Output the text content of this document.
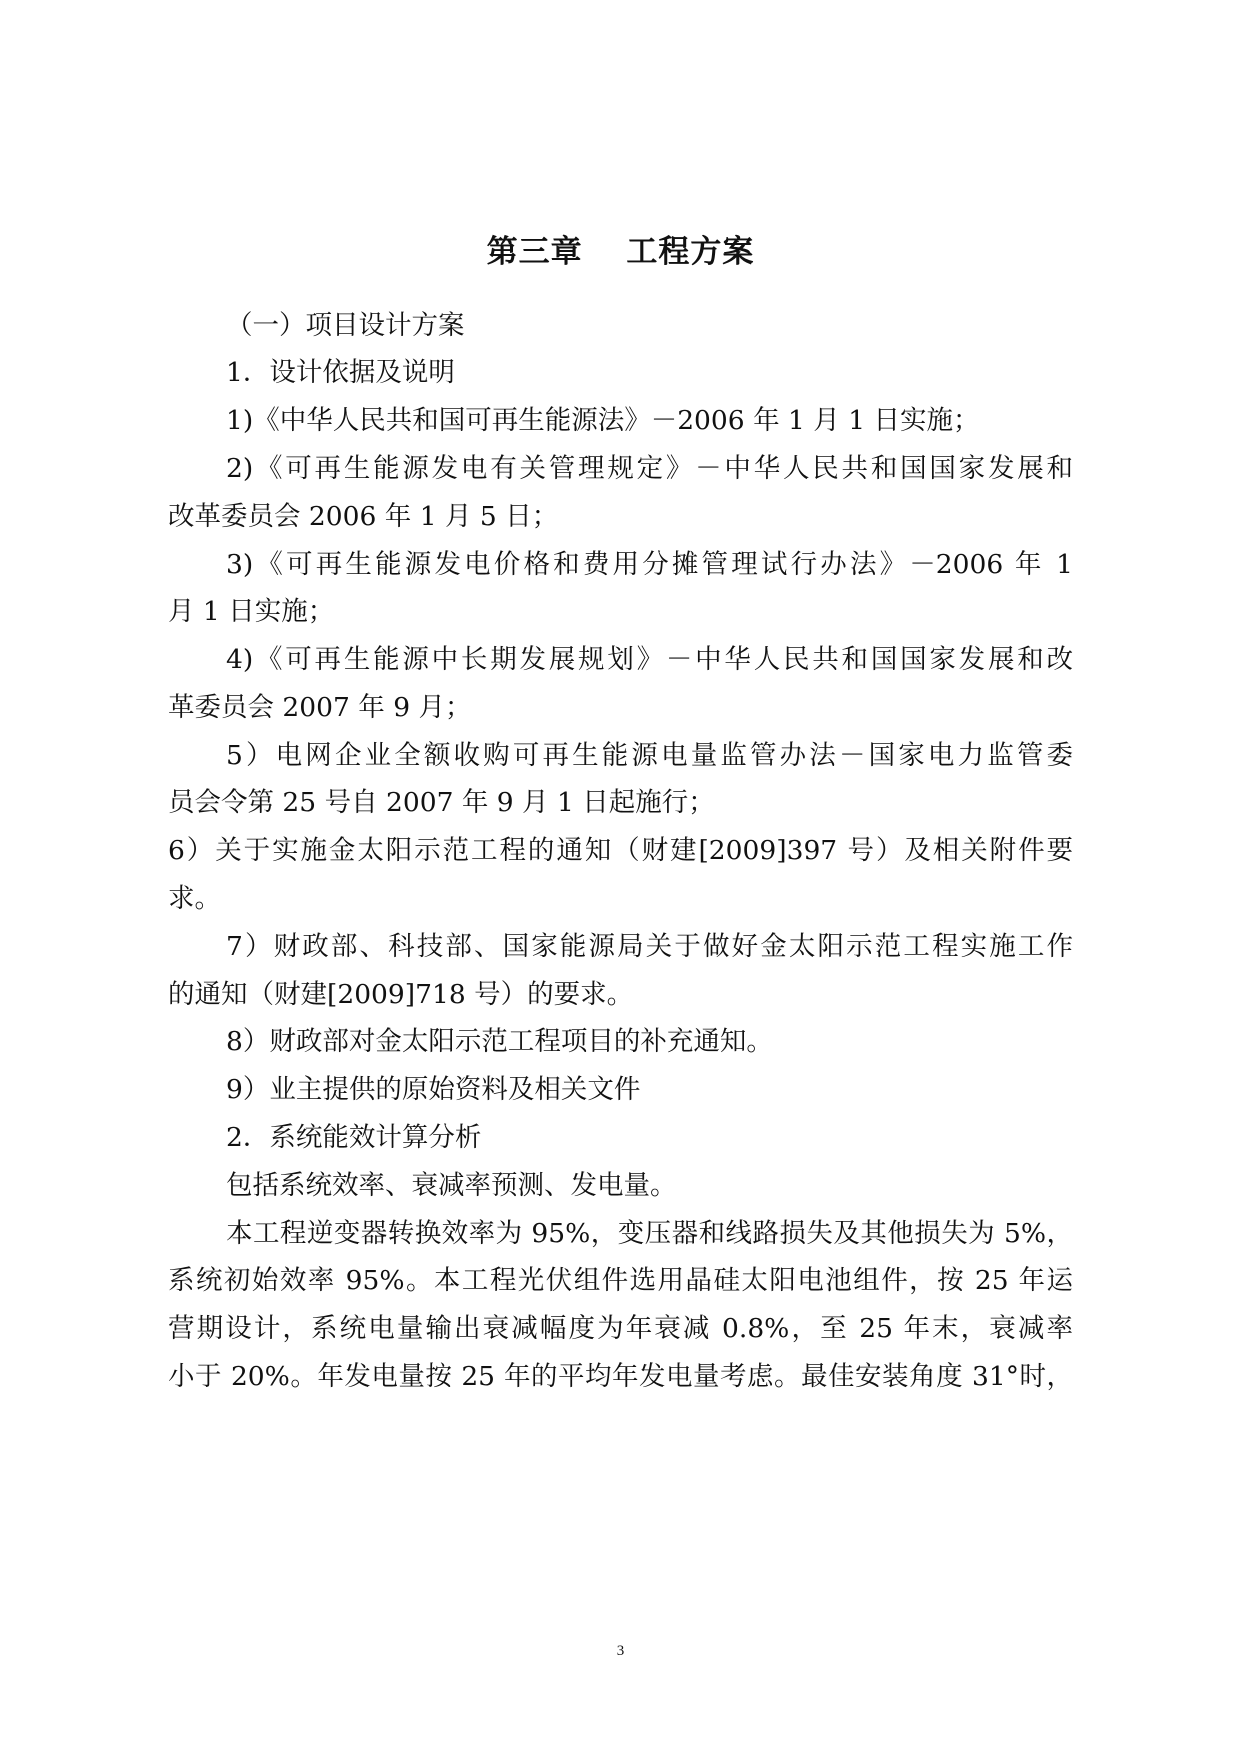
第三章　 工程方案
（一）项目设计方案
1．设计依据及说明
1)《中华人民共和国可再生能源法》－2006 年 1 月 1 日实施；
2)《可再生能源发电有关管理规定》－中华人民共和国国家发展和
改革委员会 2006 年 1 月 5 日；
3)《可再生能源发电价格和费用分摊管理试行办法》－2006 年 1
月 1 日实施；
4)《可再生能源中长期发展规划》－中华人民共和国国家发展和改
革委员会 2007 年 9 月；
5）电网企业全额收购可再生能源电量监管办法－国家电力监管委
员会令第 25 号自 2007 年 9 月 1 日起施行；
6）关于实施金太阳示范工程的通知（财建[2009]397 号）及相关附件要
求。
7）财政部、科技部、国家能源局关于做好金太阳示范工程实施工作
的通知（财建[2009]718 号）的要求。
8）财政部对金太阳示范工程项目的补充通知。
9）业主提供的原始资料及相关文件
2．系统能效计算分析
包括系统效率、衰减率预测、发电量。
本工程逆变器转换效率为 95%，变压器和线路损失及其他损失为 5%，
系统初始效率 95%。本工程光伏组件选用晶硅太阳电池组件，按 25 年运
营期设计，系统电量输出衰减幅度为年衰减 0.8%，至 25 年末，衰减率
小于 20%。年发电量按 25 年的平均年发电量考虑。最佳安装角度 31°时，
3
